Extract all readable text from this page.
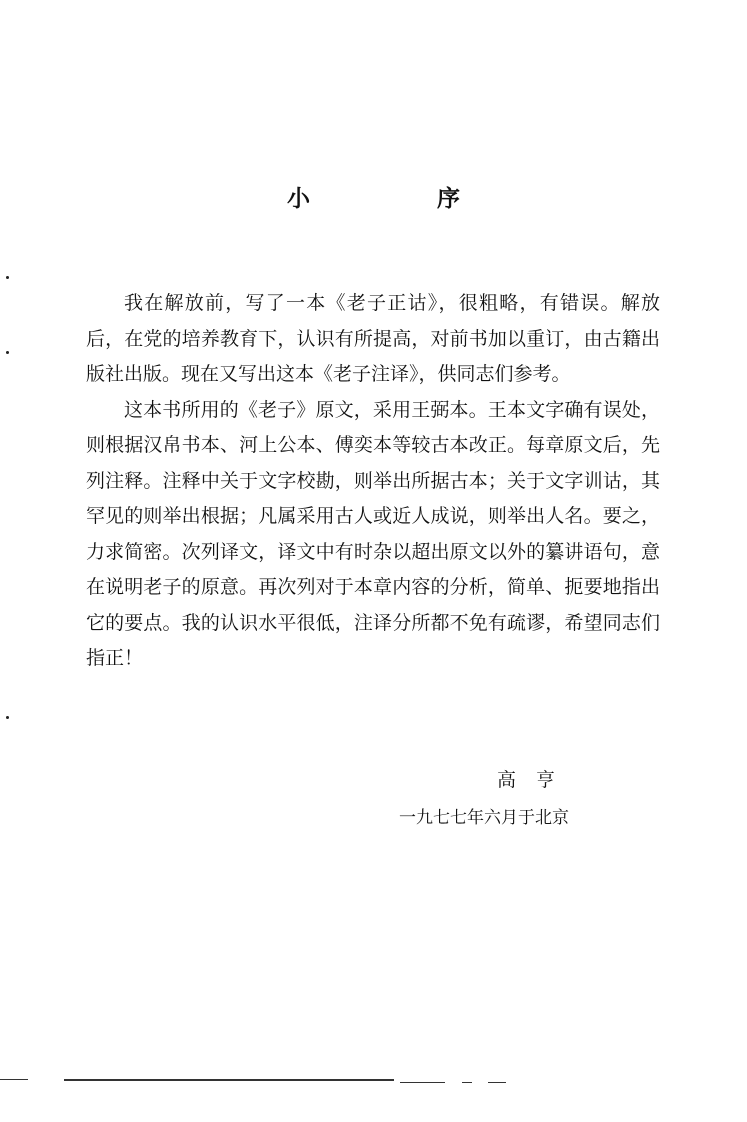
小　序

我在解放前，写了一本《老子正诂》，很粗略，有错误。解放后，在党的培养教育下，认识有所提高，对前书加以重订，由古籍出版社出版。现在又写出这本《老子注译》，供同志们参考。

这本书所用的《老子》原文，采用王弼本。王本文字确有误处，则根据汉帛书本、河上公本、傅奕本等较古本改正。每章原文后，先列注释。注释中关于文字校勘，则举出所据古本；关于文字训诂，其罕见的则举出根据；凡属采用古人或近人成说，则举出人名。要之，力求简密。次列译文，译文中有时杂以超出原文以外的纂讲语句，意在说明老子的原意。再次列对于本章内容的分析，简单、扼要地指出它的要点。我的认识水平很低，注译分所都不免有疏谬，希望同志们指正！

高亨
一九七七年六月于北京
